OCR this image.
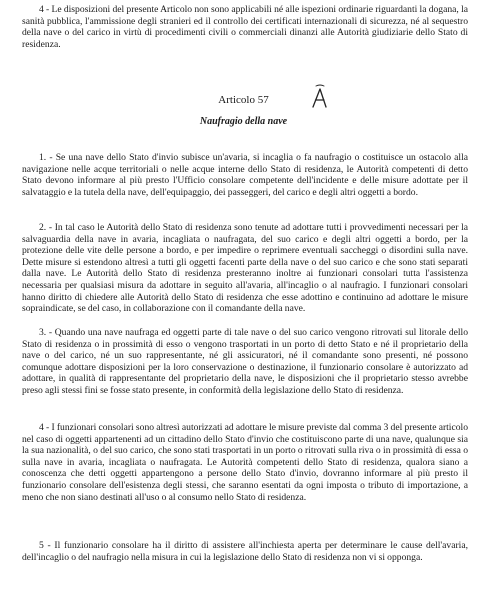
4 - Le disposizioni del presente Articolo non sono applicabili né alle ispezioni ordinarie riguardanti la dogana, la sanità pubblica, l'ammissione degli stranieri ed il controllo dei certificati internazionali di sicurezza, né al sequestro della nave o del carico in virtù di procedimenti civili o commerciali dinanzi alle Autorità giudiziarie dello Stato di residenza.

Articolo 57
Naufragio della nave

1. - Se una nave dello Stato d'invio subisce un'avaria, si incaglia o fa naufragio o costituisce un ostacolo alla navigazione nelle acque territoriali o nelle acque interne dello Stato di residenza, le Autorità competenti di detto Stato devono informare al più presto l'Ufficio consolare competente dell'incidente e delle misure adottate per il salvataggio e la tutela della nave, dell'equipaggio, dei passeggeri, del carico e degli altri oggetti a bordo.

2. - In tal caso le Autorità dello Stato di residenza sono tenute ad adottare tutti i provvedimenti necessari per la salvaguardia della nave in avaria, incagliata o naufragata, del suo carico e degli altri oggetti a bordo, per la protezione delle vite delle persone a bordo, e per impedire o reprimere eventuali saccheggi o disordini sulla nave. Dette misure si estendono altresì a tutti gli oggetti facenti parte della nave o del suo carico e che sono stati separati dalla nave. Le Autorità dello Stato di residenza presteranno inoltre ai funzionari consolari tutta l'assistenza necessaria per qualsiasi misura da adottare in seguito all'avaria, all'incaglio o al naufragio. I funzionari consolari hanno diritto di chiedere alle Autorità dello Stato di residenza che esse adottino e continuino ad adottare le misure sopraindicate, se del caso, in collaborazione con il comandante della nave.

3. - Quando una nave naufraga ed oggetti parte di tale nave o del suo carico vengono ritrovati sul litorale dello Stato di residenza o in prossimità di esso o vengono trasportati in un porto di detto Stato e né il proprietario della nave o del carico, né un suo rappresentante, né gli assicuratori, né il comandante sono presenti, né possono comunque adottare disposizioni per la loro conservazione o destinazione, il funzionario consolare è autorizzato ad adottare, in qualità di rappresentante del proprietario della nave, le disposizioni che il proprietario stesso avrebbe preso agli stessi fini se fosse stato presente, in conformità della legislazione dello Stato di residenza.

4 - I funzionari consolari sono altresì autorizzati ad adottare le misure previste dal comma 3 del presente articolo nel caso di oggetti appartenenti ad un cittadino dello Stato d'invio che costituiscono parte di una nave, qualunque sia la sua nazionalità, o del suo carico, che sono stati trasportati in un porto o ritrovati sulla riva o in prossimità di essa o sulla nave in avaria, incagliata o naufragata. Le Autorità competenti dello Stato di residenza, qualora siano a conoscenza che detti oggetti appartengono a persone dello Stato d'invio, dovranno informare al più presto il funzionario consolare dell'esistenza degli stessi, che saranno esentati da ogni imposta o tributo di importazione, a meno che non siano destinati all'uso o al consumo nello Stato di residenza.

5 - Il funzionario consolare ha il diritto di assistere all'inchiesta aperta per determinare le cause dell'avaria, dell'incaglio o del naufragio nella misura in cui la legislazione dello Stato di residenza non vi si opponga.
